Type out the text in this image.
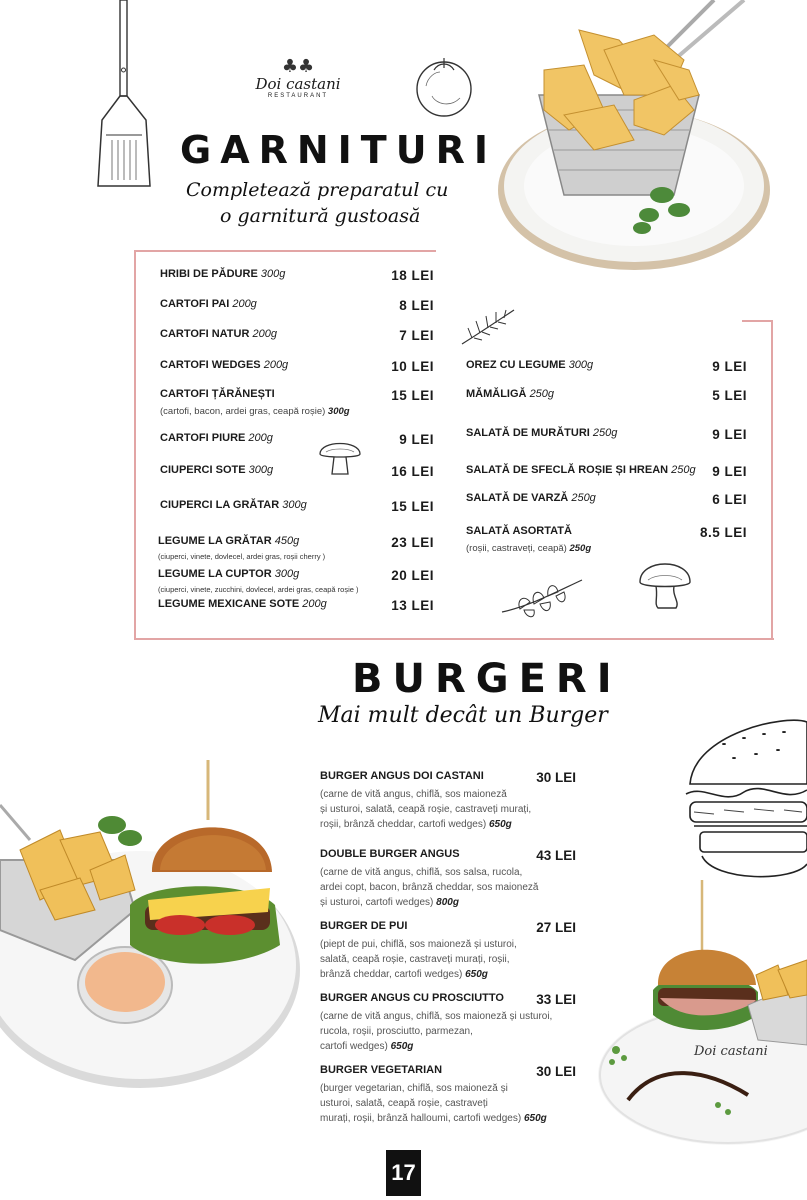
♣♣
Doi castani
RESTAURANT
GARNITURI
Completează preparatul cu
o garnitură gustoasă
HRIBI DE PĂDURE 300g	18 LEI
CARTOFI PAI 200g	8 LEI
CARTOFI NATUR 200g	7 LEI
CARTOFI WEDGES 200g	10 LEI
CARTOFI ȚĂRĂNEȘTI	15 LEI
(cartofi, bacon, ardei gras, ceapă roșie) 300g
CARTOFI PIURE 200g	9 LEI
CIUPERCI SOTE 300g	16 LEI
CIUPERCI LA GRĂTAR 300g	15 LEI
LEGUME LA GRĂTAR 450g	23 LEI
(ciuperci, vinete, dovlecel, ardei gras, roșii cherry )
LEGUME LA CUPTOR 300g	20 LEI
(ciuperci, vinete, zucchini, dovlecel, ardei gras, ceapă roșie )
LEGUME MEXICANE SOTE 200g	13 LEI
OREZ CU LEGUME 300g	9 LEI
MĂMĂLIGĂ 250g	5 LEI
SALATĂ DE MURĂTURI 250g	9 LEI
SALATĂ DE SFECLĂ ROȘIE ȘI HREAN 250g 9 LEI
SALATĂ DE VARZĂ 250g	6 LEI
SALATĂ ASORTATĂ	8.5 LEI
(roșii, castraveți, ceapă) 250g
BURGERI
Mai mult decât un Burger
BURGER ANGUS DOI CASTANI	30 LEI
(carne de vită angus, chiflă, sos maioneză
și usturoi, salată, ceapă roșie, castraveți murați,
roșii, brânză cheddar, cartofi wedges) 650g
DOUBLE BURGER ANGUS	43 LEI
(carne de vită angus, chiflă, sos salsa, rucola,
ardei copt, bacon, brânză cheddar, sos maioneză
și usturoi, cartofi wedges) 800g
BURGER DE PUI	27 LEI
(piept de pui, chiflă, sos maioneză și usturoi,
salată, ceapă roșie, castraveți murați, roșii,
brânză cheddar, cartofi wedges) 650g
BURGER ANGUS CU PROSCIUTTO 33 LEI
(carne de vită angus, chiflă, sos maioneză și usturoi,
rucola, roșii, prosciutto, parmezan,
cartofi wedges) 650g
BURGER VEGETARIAN	30 LEI
(burger vegetarian, chiflă, sos maioneză și
usturoi, salată, ceapă roșie, castraveți
murați, roșii, brânză halloumi, cartofi wedges) 650g
Doi castani
17
